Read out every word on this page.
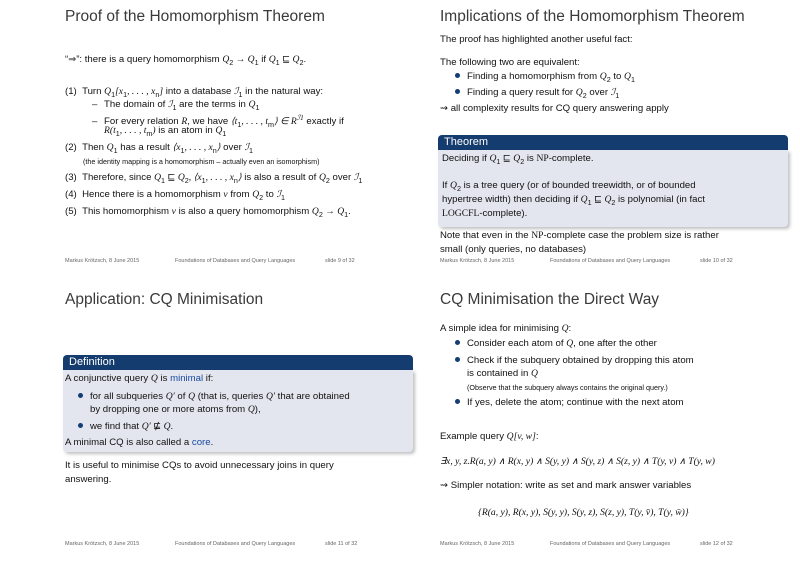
Proof of the Homomorphism Theorem
“⇒”: there is a query homomorphism $Q_2 \to Q_1$ if $Q_1$ ⊑ $Q_2$.
(1) Turn $Q_1[x_1$, . . . , $x_n$] into a database ℐ$_1$ in the natural way:
– The domain of ℐ$_1$ are the terms in $Q_1$
– For every relation R, we have $⟨t_1$, . . . , $t_m⟩$ ∈ $R^{ℐ1}$ exactly if
$R(t_1$, . . . , $t_m$) is an atom in $Q_1$
(2) Then $Q_1$ has a result $⟨x_1$, . . . , $x_n⟩$ over ℐ$_1$
(the identity mapping is a homomorphism – actually even an isomorphism)
(3) Therefore, since $Q_1$ ⊑ $Q_2$, $⟨x_1$, . . . , $x_n⟩$ is also a result of $Q_2$ over ℐ$_1$
(4) Hence there is a homomorphism ν from $Q_2$ to ℐ$_1$
(5) This homomorphism ν is also a query homomorphism $Q_2 \to Q_1$.
Markus Krötzsch, 8 June 2015	Foundations of Databases and Query Languages	slide 9 of 32
Implications of the Homomorphism Theorem
The proof has highlighted another useful fact:
The following two are equivalent:
Finding a homomorphism from $Q_2$ to $Q_1$
Finding a query result for $Q_2$ over ℐ$_1$
⇝ all complexity results for CQ query answering apply
Theorem
Deciding if $Q_1$ ⊑ $Q_2$ is NP-complete.
If $Q_2$ is a tree query (or of bounded treewidth, or of bounded
hypertree width) then deciding if $Q_1$ ⊑ $Q_2$ is polynomial (in fact
LOGCFL-complete).
Note that even in the NP-complete case the problem size is rather
small (only queries, no databases)
Markus Krötzsch, 8 June 2015	Foundations of Databases and Query Languages	slide 10 of 32
Application: CQ Minimisation
Definition
A conjunctive query Q is minimal if:
for all subqueries Q′ of Q (that is, queries Q′ that are obtained
by dropping one or more atoms from Q),
we find that Q′ ⋢ Q.
A minimal CQ is also called a core.
It is useful to minimise CQs to avoid unnecessary joins in query
answering.
Markus Krötzsch, 8 June 2015	Foundations of Databases and Query Languages	slide 11 of 32
CQ Minimisation the Direct Way
A simple idea for minimising Q:
Consider each atom of Q, one after the other
Check if the subquery obtained by dropping this atom
is contained in Q
(Observe that the subquery always contains the original query.)
If yes, delete the atom; continue with the next atom
Example query Q[v, w]:
∃x, y, z.R(a, y) ∧ R(x, y) ∧ S(y, y) ∧ S(y, z) ∧ S(z, y) ∧ T(y, v) ∧ T(y, w)
⇝ Simpler notation: write as set and mark answer variables
{R(a, y), R(x, y), S(y, y), S(y, z), S(z, y), T(y, v̄), T(y, w̄)}
Markus Krötzsch, 8 June 2015	Foundations of Databases and Query Languages	slide 12 of 32
